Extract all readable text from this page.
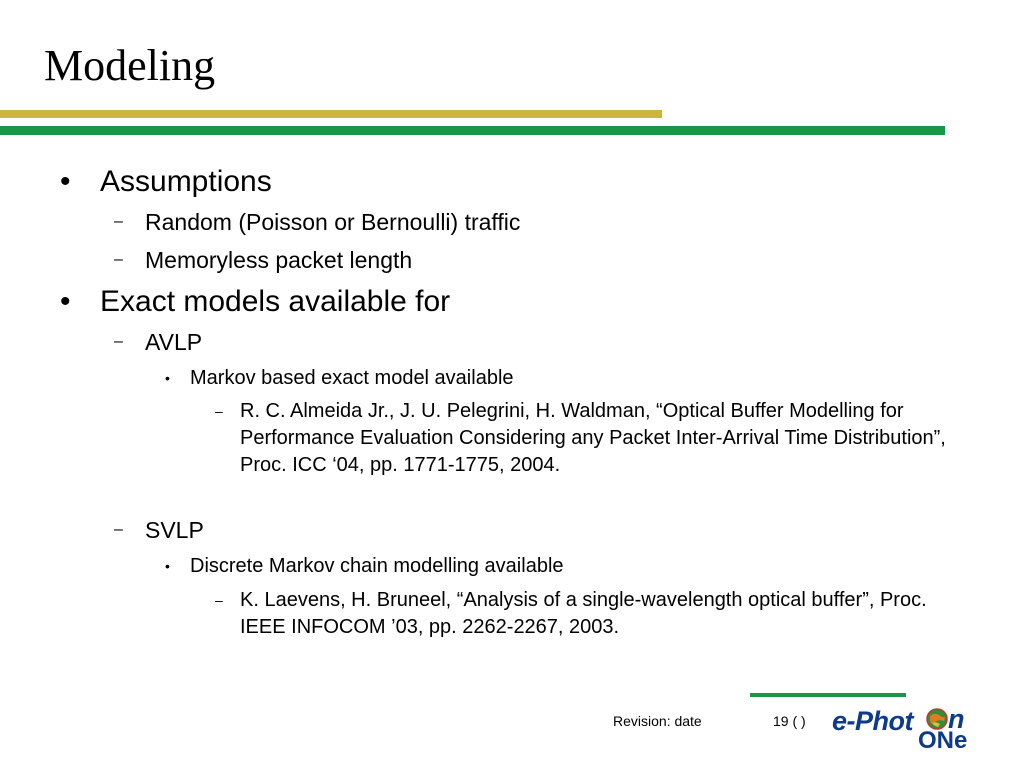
Modeling
• Assumptions
– Random (Poisson or Bernoulli) traffic
– Memoryless packet length
• Exact models available for
– AVLP
• Markov based exact model available
– R. C. Almeida Jr., J. U. Pelegrini, H. Waldman, “Optical Buffer Modelling for Performance Evaluation Considering any Packet Inter-Arrival Time Distribution”, Proc. ICC ‘04, pp. 1771-1775, 2004.
– SVLP
• Discrete Markov chain modelling available
– K. Laevens, H. Bruneel, “Analysis of a single-wavelength optical buffer”, Proc. IEEE INFOCOM ’03, pp. 2262-2267, 2003.
Revision: date	19 ( ) e-Phot n
ONe
